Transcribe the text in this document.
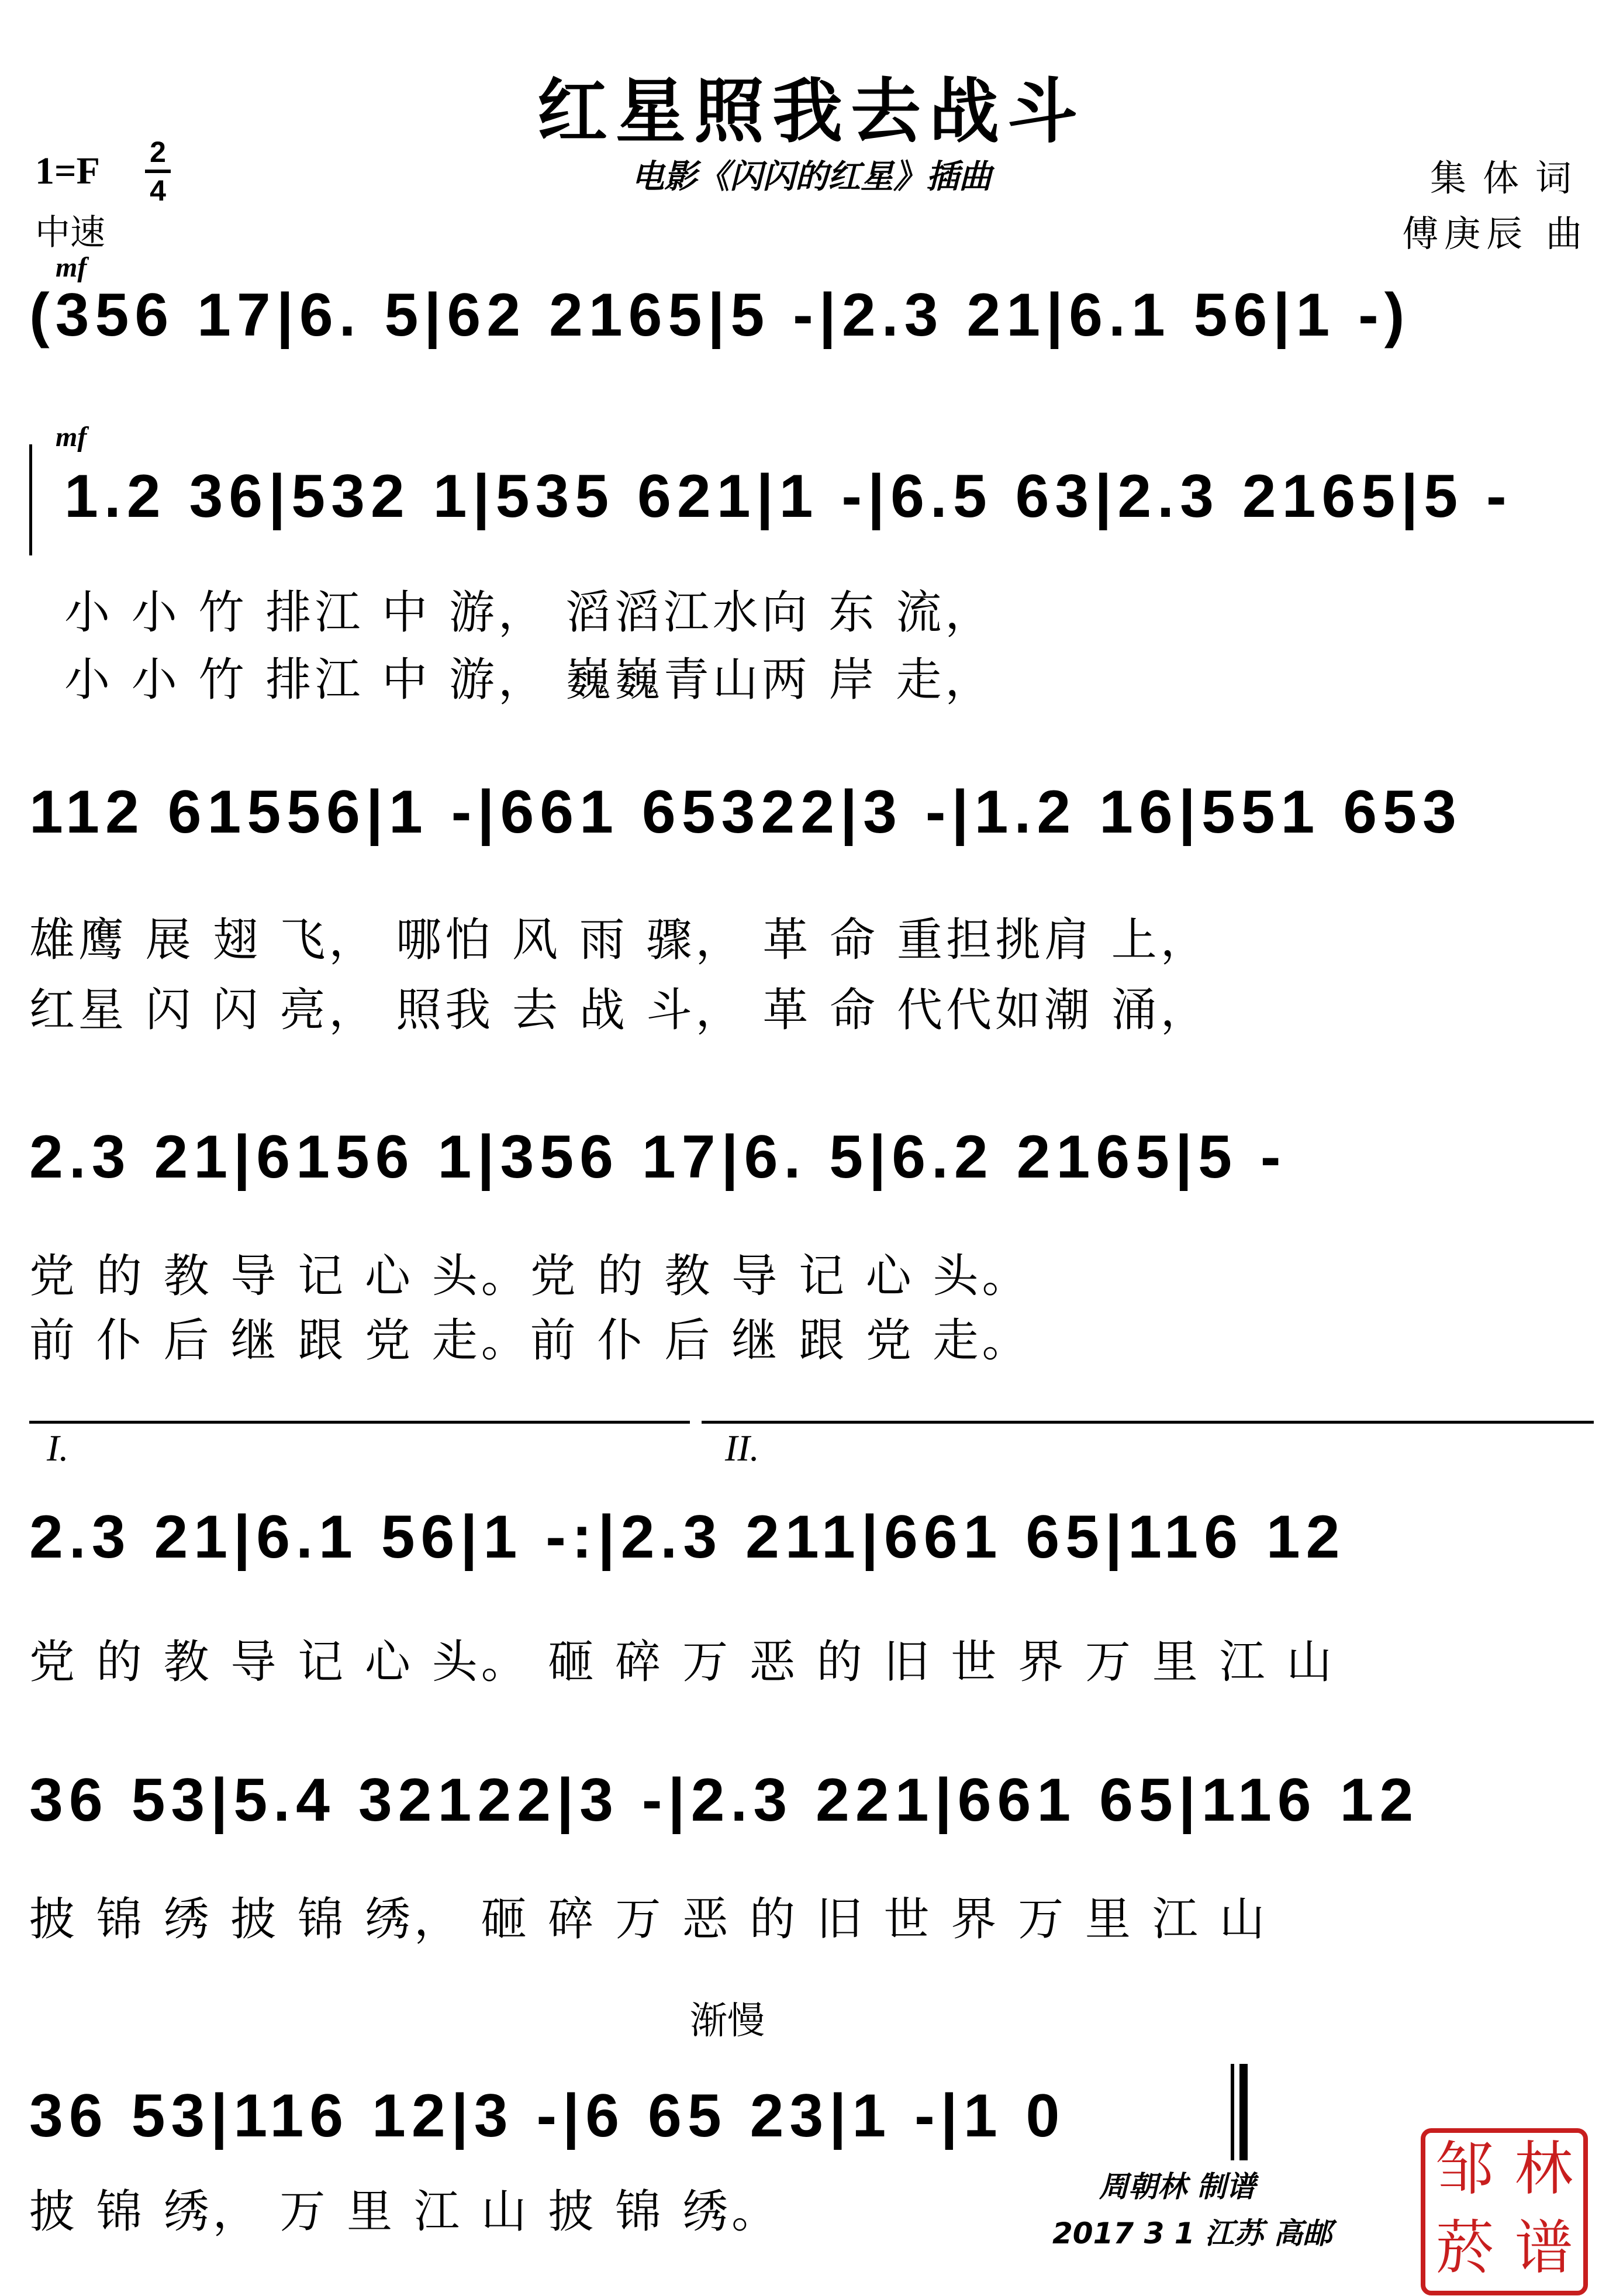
红星照我去战斗
1=F 2
4
中速
电影《闪闪的红星》插曲	集体词
傅庚辰 曲
mf
(356 17|6. 5|62 2165|5 -|2.3 21|6.1 56|1 -)
mf
1.2 36|532 1|535 621|1 -|6.5 63|2.3 2165|5 -
小 小 竹 排江 中 游， 滔滔江水向 东 流，
小 小 竹 排江 中 游， 巍巍青山两 岸 走，
112 61556|1 -|661 65322|3 -|1.2 16|551 653
雄鹰 展 翅 飞， 哪怕 风 雨 骤， 革 命 重担挑肩 上，
红星 闪 闪 亮， 照我 去 战 斗， 革 命 代代如潮 涌，
2.3 21|6156 1|356 17|6. 5|6.2 2165|5 -
党 的 教 导 记 心 头。党 的 教 导 记 心 头。
前 仆 后 继 跟 党 走。前 仆 后 继 跟 党 走。
I.	II.
2.3 21|6.1 56|1 -:|2.3 211|661 65|116 12
党 的 教 导 记 心 头。 砸 碎 万 恶 的 旧 世 界 万 里 江 山
36 53|5.4 32122|3 -|2.3 221|661 65|116 12
披 锦 绣 披 锦 绣， 砸 碎 万 恶 的 旧 世 界 万 里 江 山
渐慢
36 53|116 12|3 -|6 65 23|1 -|1 0
披 锦 绣， 万 里 江 山 披 锦 绣。	周朝林 制谱
2017 3 1 江苏 高邮
邹 林
菸 谱
